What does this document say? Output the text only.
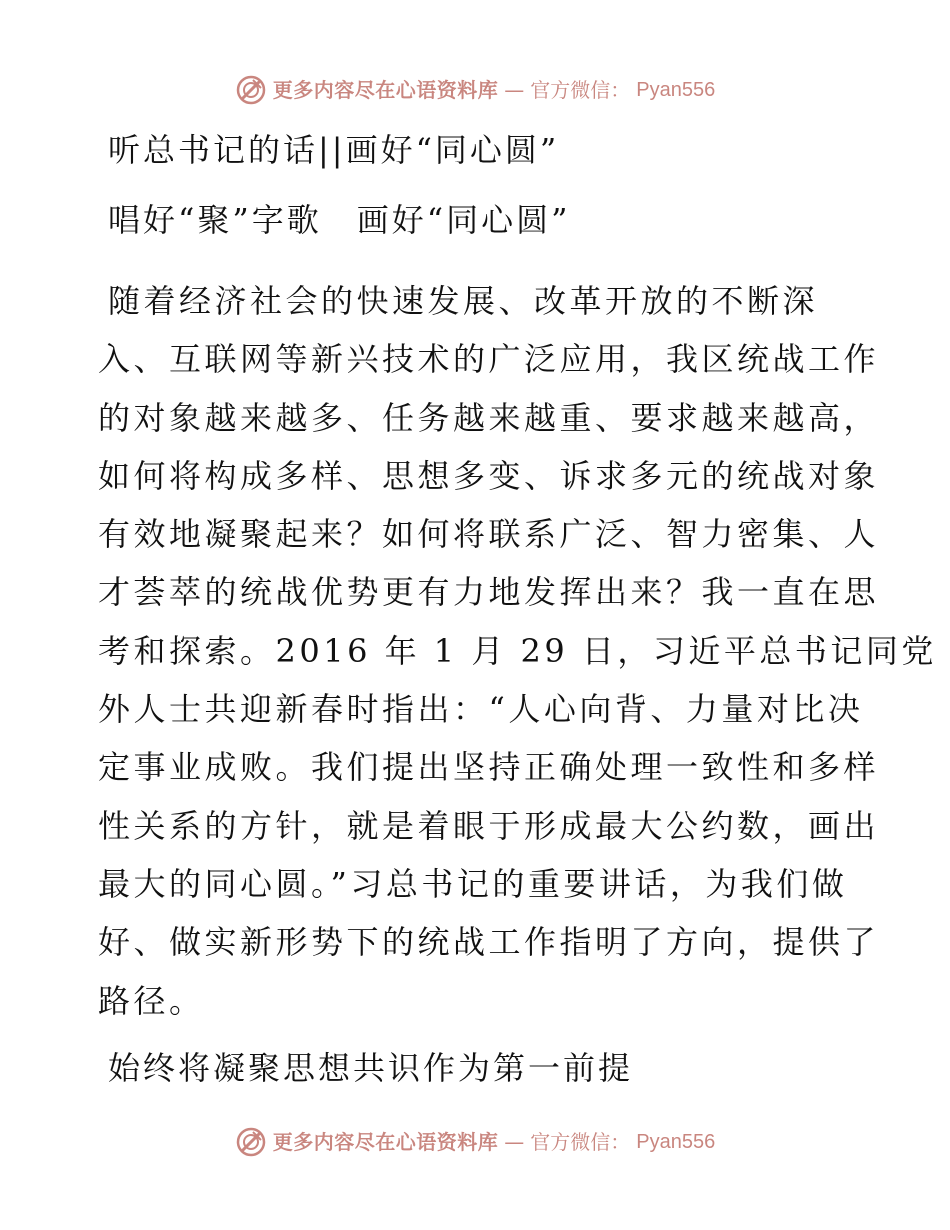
更多内容尽在心语资料库 — 官方微信： Pyan556
听总书记的话||画好“同心圆”
唱好“聚”字歌　画好“同心圆”
随着经济社会的快速发展、改革开放的不断深
入、互联网等新兴技术的广泛应用，我区统战工作
的对象越来越多、任务越来越重、要求越来越高，
如何将构成多样、思想多变、诉求多元的统战对象
有效地凝聚起来？如何将联系广泛、智力密集、人
才荟萃的统战优势更有力地发挥出来？我一直在思
考和探索。2016 年 1 月 29 日，习近平总书记同党
外人士共迎新春时指出：“人心向背、力量对比决
定事业成败。我们提出坚持正确处理一致性和多样
性关系的方针，就是着眼于形成最大公约数，画出
最大的同心圆。”习总书记的重要讲话，为我们做
好、做实新形势下的统战工作指明了方向，提供了
路径。
始终将凝聚思想共识作为第一前提
更多内容尽在心语资料库 — 官方微信： Pyan556
